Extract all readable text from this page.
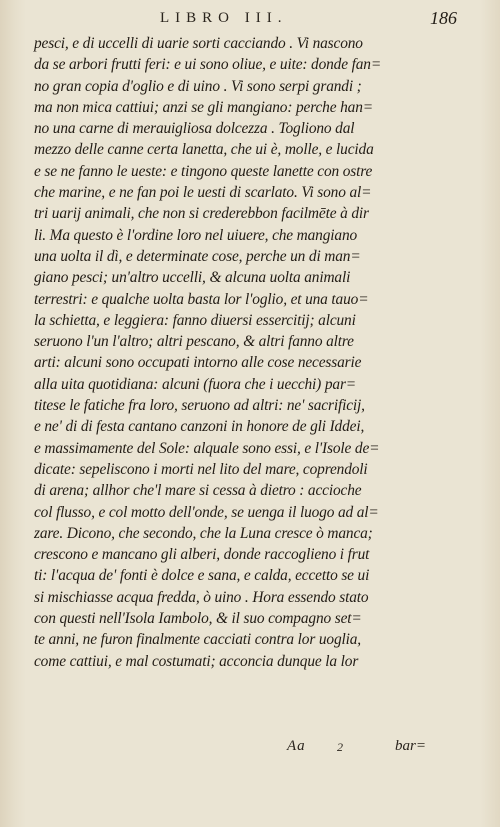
LIBRO III.	186
pesci, e di uccelli di uarie sorti cacciando . Vi nascono
da se arbori frutti feri: e ui sono oliue, e uite: donde fan=
no gran copia d'oglio e di uino . Vi sono serpi grandi ;
ma non mica cattiui; anzi se gli mangiano: perche han=
no una carne di merauigliosa dolcezza . Togliono dal
mezzo delle canne certa lanetta, che ui è, molle, e lucida
e se ne fanno le ueste: e tingono queste lanette con ostre
che marine, e ne fan poi le uesti di scarlato. Vi sono al=
tri uarij animali, che non si crederebbon facilmēte à dir
li. Ma questo è l'ordine loro nel uiuere, che mangiano
una uolta il dì, e determinate cose, perche un di man=
giano pesci; un'altro uccelli, & alcuna uolta animali
terrestri: e qualche uolta basta lor l'oglio, et una tauo=
la schietta, e leggiera: fanno diuersi essercitij; alcuni
seruono l'un l'altro; altri pescano, & altri fanno altre
arti: alcuni sono occupati intorno alle cose necessarie
alla uita quotidiana: alcuni (fuora che i uecchi) par=
titese le fatiche fra loro, seruono ad altri: ne' sacrificij,
e ne' di di festa cantano canzoni in honore de gli Iddei,
e massimamente del Sole: alquale sono essi, e l'Isole de=
dicate: sepeliscono i morti nel lito del mare, coprendoli
di arena; allhor che'l mare si cessa à dietro : accioche
col flusso, e col motto dell'onde, se uenga il luogo ad al=
zare. Dicono, che secondo, che la Luna cresce ò manca;
crescono e mancano gli alberi, donde raccoglieno i frut
ti: l'acqua de' fonti è dolce e sana, e calda, eccetto se ui
si mischiasse acqua fredda, ò uino . Hora essendo stato
con questi nell'Isola Iambolo, & il suo compagno set=
te anni, ne furon finalmente cacciati contra lor uoglia,
come cattiui, e mal costumati; acconcia dunque la lor
Aa	2	bar=
